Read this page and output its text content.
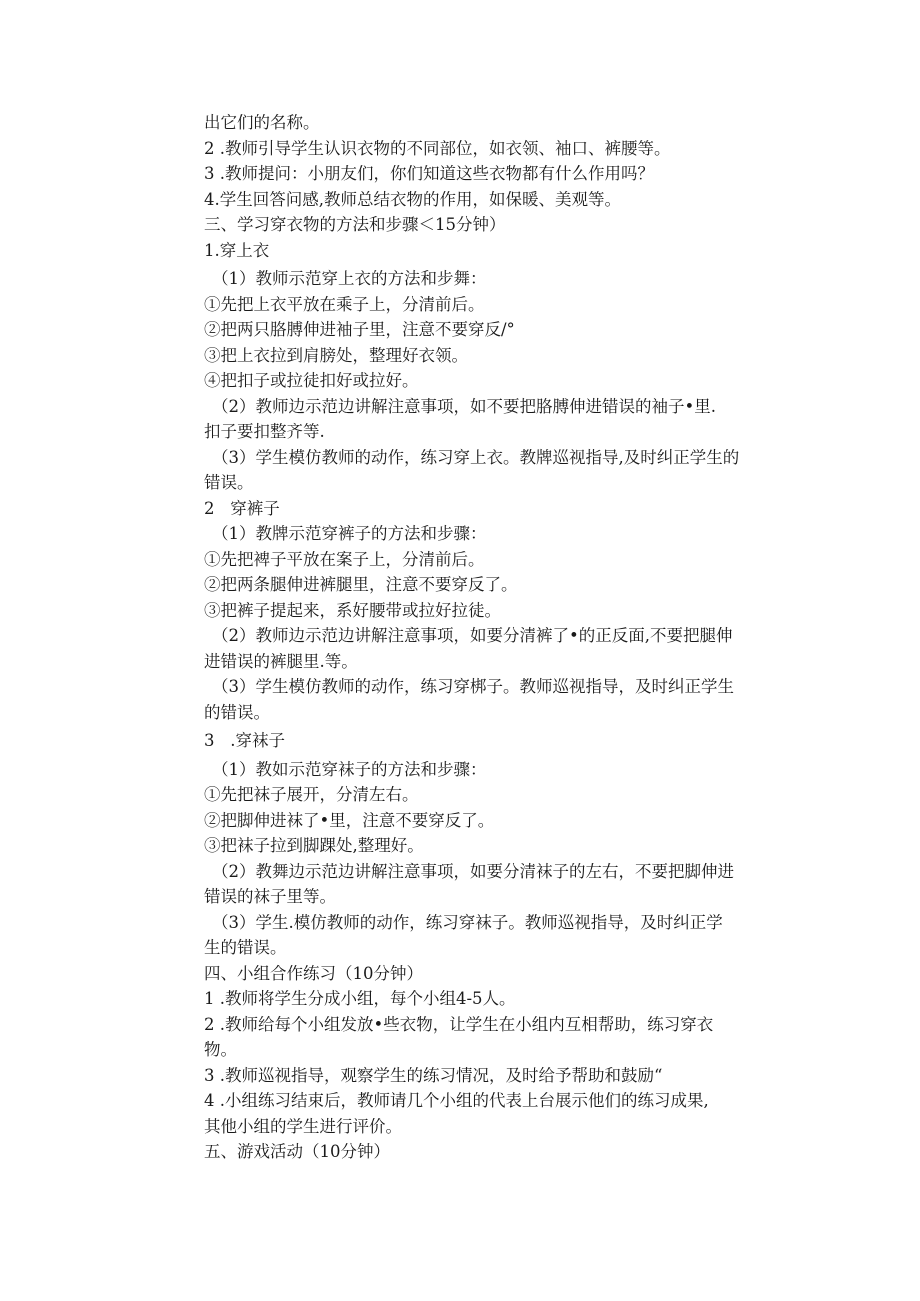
出它们的名称。
2 .教师引导学生认识衣物的不同部位，如衣领、袖口、裤腰等。
3 .教师提问：小朋友们，你们知道这些衣物都有什么作用吗？
4.学生回答问感,教师总结衣物的作用，如保暖、美观等。
三、学习穿衣物的方法和步骤＜15分钟）
1.穿上衣
（1）教师示范穿上衣的方法和步舞：
①先把上衣平放在乘子上，分清前后。
②把两只胳膊伸进袖子里，注意不要穿反/°
③把上衣拉到肩膀处，整理好衣领。
④把扣子或拉徒扣好或拉好。
（2）教师边示范边讲解注意事项，如不要把胳膊伸进错误的袖子•里.
扣子要扣整齐等.
（3）学生模仿教师的动作，练习穿上衣。教牌巡视指导,及时纠正学生的
错误。
2   穿裤子
（1）教牌示范穿裤子的方法和步骤：
①先把裨子平放在案子上，分清前后。
②把两条腿伸进裤腿里，注意不要穿反了。
③把裤子提起来，系好腰带或拉好拉徒。
（2）教师边示范边讲解注意事项，如要分清裤了•的正反面,不要把腿伸
进错误的裤腿里.等。
（3）学生模仿教师的动作，练习穿梆子。教师巡视指导，及时纠正学生
的错误。
3   .穿袜子
（1）教如示范穿袜子的方法和步骤：
①先把袜子展开，分清左右。
②把脚伸进袜了•里，注意不要穿反了。
③把袜子拉到脚踝处,整理好。
（2）教舞边示范边讲解注意事项，如要分清袜子的左右，不要把脚伸进
错误的袜子里等。
（3）学生.模仿教师的动作，练习穿袜子。教师巡视指导，及时纠正学
生的错误。
四、小组合作练习（10分钟）
1 .教师将学生分成小组，每个小组4-5人。
2 .教师给每个小组发放•些衣物，让学生在小组内互相帮助，练习穿衣
物。
3 .教师巡视指导，观察学生的练习情况，及时给予帮助和鼓励“
4 .小组练习结束后，教师请几个小组的代表上台展示他们的练习成果,
其他小组的学生进行评价。
五、游戏活动（10分钟）
